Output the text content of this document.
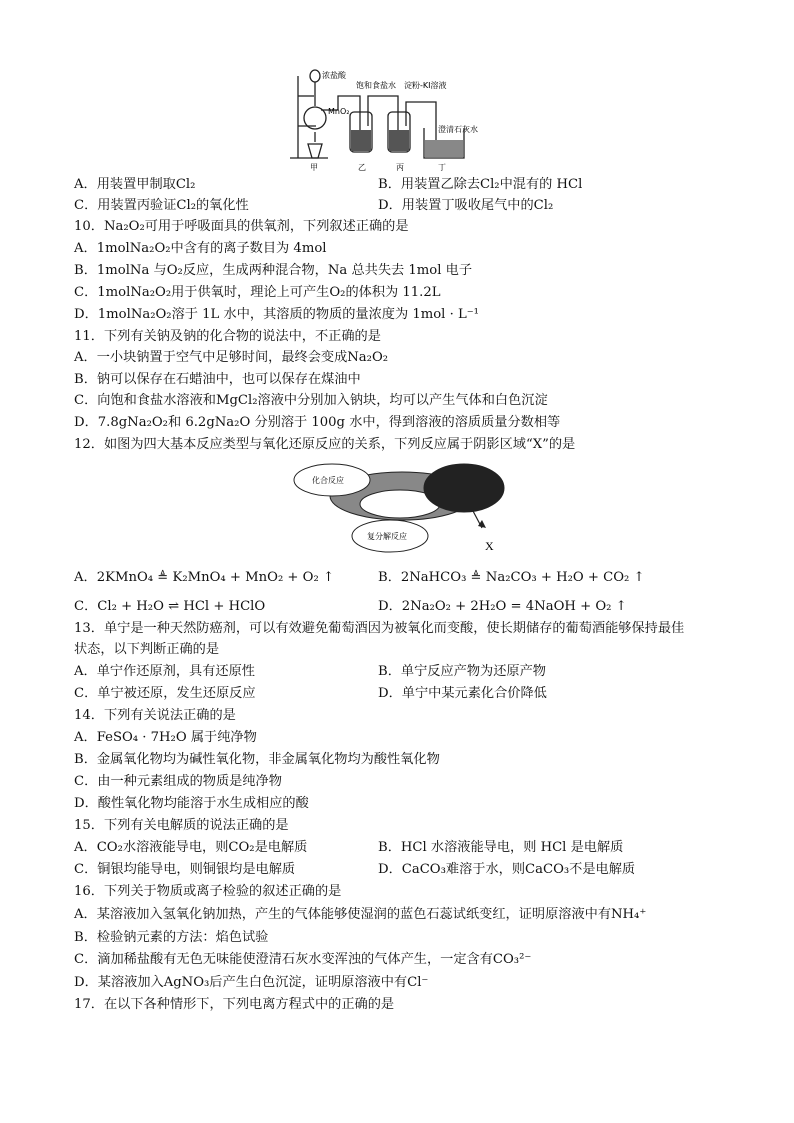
浓盐酸
MnO₂
饱和食盐水 淀粉-KI溶液
澄清石灰水
甲	乙	丙	丁
A．用装置甲制取Cl₂	B．用装置乙除去Cl₂中混有的 HCl
C．用装置丙验证Cl₂的氧化性	D．用装置丁吸收尾气中的Cl₂
10．Na₂O₂可用于呼吸面具的供氧剂，下列叙述正确的是
A．1molNa₂O₂中含有的离子数目为 4mol
B．1molNa 与O₂反应，生成两种混合物，Na 总共失去 1mol 电子
C．1molNa₂O₂用于供氧时，理论上可产生O₂的体积为 11.2L
D．1molNa₂O₂溶于 1L 水中，其溶质的物质的量浓度为 1mol · L⁻¹
11．下列有关钠及钠的化合物的说法中，不正确的是
A．一小块钠置于空气中足够时间，最终会变成Na₂O₂
B．钠可以保存在石蜡油中，也可以保存在煤油中
C．向饱和食盐水溶液和MgCl₂溶液中分别加入钠块，均可以产生气体和白色沉淀
D．7.8gNa₂O₂和 6.2gNa₂O 分别溶于 100g 水中，得到溶液的溶质质量分数相等
12．如图为四大基本反应类型与氧化还原反应的关系，下列反应属于阴影区域“X”的是
化合反应
复分解反应
X
A．2KMnO₄ ≜ K₂MnO₄ + MnO₂ + O₂ ↑	B．2NaHCO₃ ≜ Na₂CO₃ + H₂O + CO₂ ↑
C．Cl₂ + H₂O ⇌ HCl + HClO	D．2Na₂O₂ + 2H₂O = 4NaOH + O₂ ↑
13．单宁是一种天然防癌剂，可以有效避免葡萄酒因为被氧化而变酸，使长期储存的葡萄酒能够保持最佳
状态，以下判断正确的是
A．单宁作还原剂，具有还原性	B．单宁反应产物为还原产物
C．单宁被还原，发生还原反应	D．单宁中某元素化合价降低
14．下列有关说法正确的是
A．FeSO₄ · 7H₂O 属于纯净物
B．金属氧化物均为碱性氧化物，非金属氧化物均为酸性氧化物
C．由一种元素组成的物质是纯净物
D．酸性氧化物均能溶于水生成相应的酸
15．下列有关电解质的说法正确的是
A．CO₂水溶液能导电，则CO₂是电解质	B．HCl 水溶液能导电，则 HCl 是电解质
C．铜银均能导电，则铜银均是电解质	D．CaCO₃难溶于水，则CaCO₃不是电解质
16．下列关于物质或离子检验的叙述正确的是
A．某溶液加入氢氧化钠加热，产生的气体能够使湿润的蓝色石蕊试纸变红，证明原溶液中有NH₄⁺
B．检验钠元素的方法：焰色试验
C．滴加稀盐酸有无色无味能使澄清石灰水变浑浊的气体产生，一定含有CO₃²⁻
D．某溶液加入AgNO₃后产生白色沉淀，证明原溶液中有Cl⁻
17．在以下各种情形下，下列电离方程式中的正确的是
